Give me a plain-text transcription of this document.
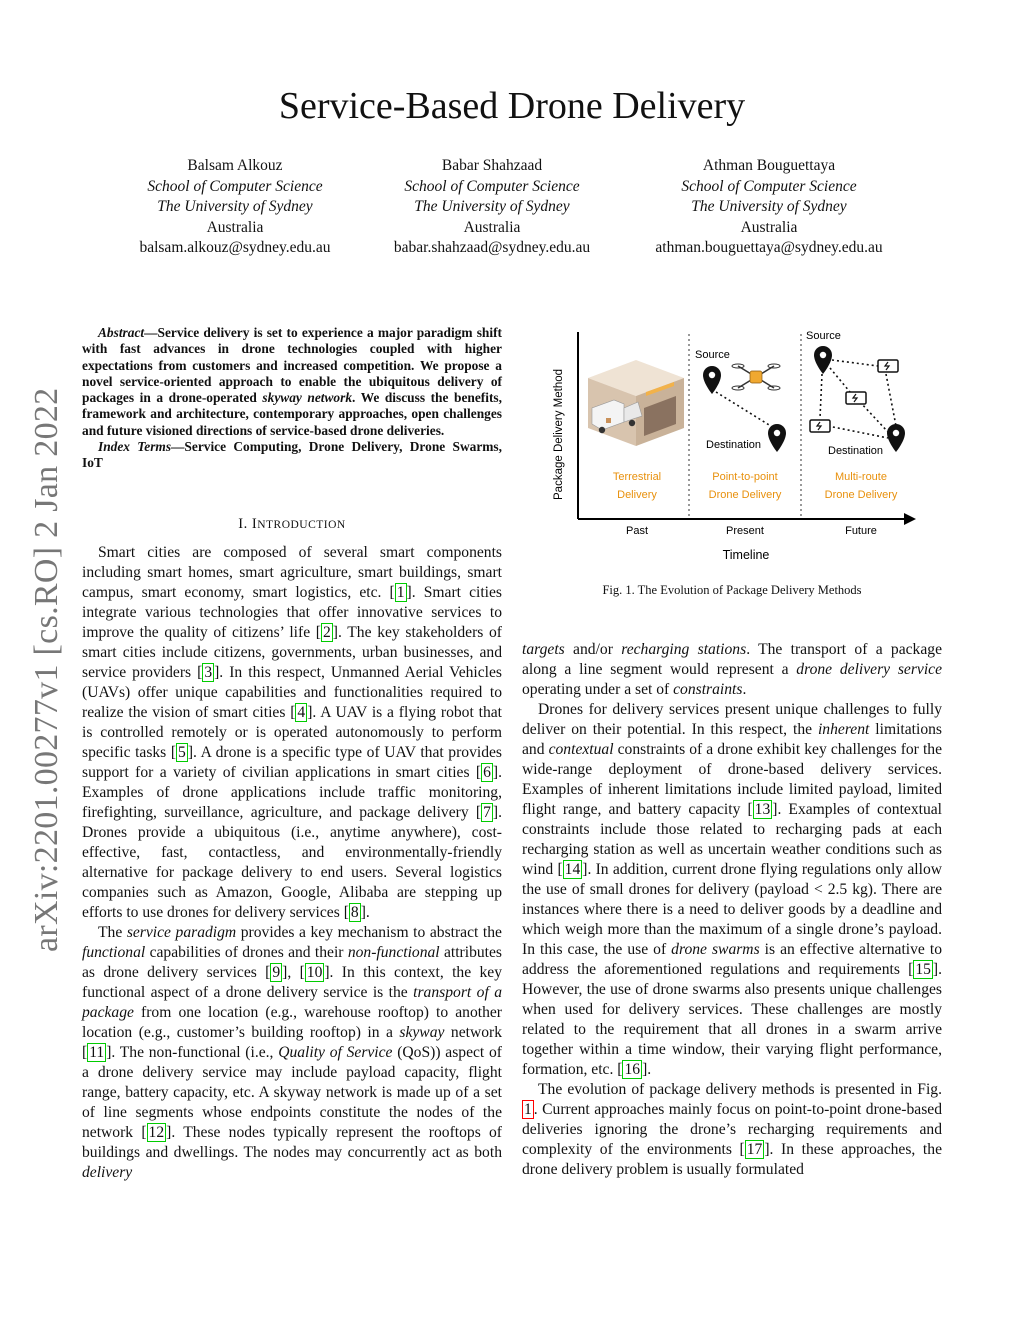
Service-Based Drone Delivery
Balsam Alkouz
School of Computer Science
The University of Sydney
Australia
balsam.alkouz@sydney.edu.au
Babar Shahzaad
School of Computer Science
The University of Sydney
Australia
babar.shahzaad@sydney.edu.au
Athman Bouguettaya
School of Computer Science
The University of Sydney
Australia
athman.bouguettaya@sydney.edu.au
arXiv:2201.00277v1 [cs.RO] 2 Jan 2022

Abstract—Service delivery is set to experience a major paradigm shift with fast advances in drone technologies coupled with higher expectations from customers and increased competition. We propose a novel service-oriented approach to enable the ubiquitous delivery of packages in a drone-operated skyway network. We discuss the benefits, framework and architecture, contemporary approaches, open challenges and future visioned directions of service-based drone deliveries.

Index Terms—Service Computing, Drone Delivery, Drone Swarms, IoT

I. INTRODUCTION

Smart cities are composed of several smart components including smart homes, smart agriculture, smart buildings, smart campus, smart economy, smart logistics, etc. [ 1 ]. Smart cities integrate various technologies that offer innovative services to improve the quality of citizens’ life [ 2 ]. The key stakeholders of smart cities include citizens, governments, urban businesses, and service providers [ 3 ]. In this respect, Unmanned Aerial Vehicles (UAVs) offer unique capabilities and functionalities required to realize the vision of smart cities [ 4 ]. A UAV is a flying robot that is controlled remotely or is operated autonomously to perform specific tasks [ 5 ]. A drone is a specific type of UAV that provides support for a variety of civilian applications in smart cities [ 6 ]. Examples of drone applications include traffic monitoring, firefighting, surveillance, agriculture, and package delivery [ 7 ]. Drones provide a ubiquitous (i.e., anytime anywhere), cost-effective, fast, contactless, and environmentally-friendly alternative for package delivery to end users. Several logistics companies such as Amazon, Google, Alibaba are stepping up efforts to use drones for delivery services [ 8 ].

The service paradigm provides a key mechanism to abstract the functional capabilities of drones and their non-functional attributes as drone delivery services [ 9 ], [ 10 ]. In this context, the key functional aspect of a drone delivery service is the transport of a package from one location (e.g., warehouse rooftop) to another location (e.g., customer’s building rooftop) in a skyway network [ 11 ]. The non-functional (i.e., Quality of Service (QoS)) aspect of a drone delivery service may include payload capacity, flight range, battery capacity, etc. A skyway network is made up of a set of line segments whose endpoints constitute the nodes of the network [ 12 ]. These nodes typically represent the rooftops of buildings and dwellings. The nodes may concurrently act as both delivery

Package Delivery Method
Timeline
Past	Present	Future
Terrestrial
Delivery
Source
Destination
Point-to-point
Drone Delivery
Source
Destination
Multi-route
Drone Delivery
Fig. 1. The Evolution of Package Delivery Methods

targets and/or recharging stations. The transport of a package along a line segment would represent a drone delivery service operating under a set of constraints.

Drones for delivery services present unique challenges to fully deliver on their potential. In this respect, the inherent limitations and contextual constraints of a drone exhibit key challenges for the wide-range deployment of drone-based delivery services. Examples of inherent limitations include limited payload, limited flight range, and battery capacity [ 13 ]. Examples of contextual constraints include those related to recharging pads at each recharging station as well as uncertain weather conditions such as wind [ 14 ]. In addition, current drone flying regulations only allow the use of small drones for delivery (payload < 2.5 kg). There are instances where there is a need to deliver goods by a deadline and which weigh more than the maximum of a single drone’s payload. In this case, the use of drone swarms is an effective alternative to address the aforementioned regulations and requirements [ 15 ]. However, the use of drone swarms also presents unique challenges when used for delivery services. These challenges are mostly related to the requirement that all drones in a swarm arrive together within a time window, their varying flight performance, formation, etc. [ 16 ].

The evolution of package delivery methods is presented in Fig. 1 . Current approaches mainly focus on point-to-point drone-based deliveries ignoring the drone’s recharging requirements and complexity of the environments [ 17 ]. In these approaches, the drone delivery problem is usually formulated
